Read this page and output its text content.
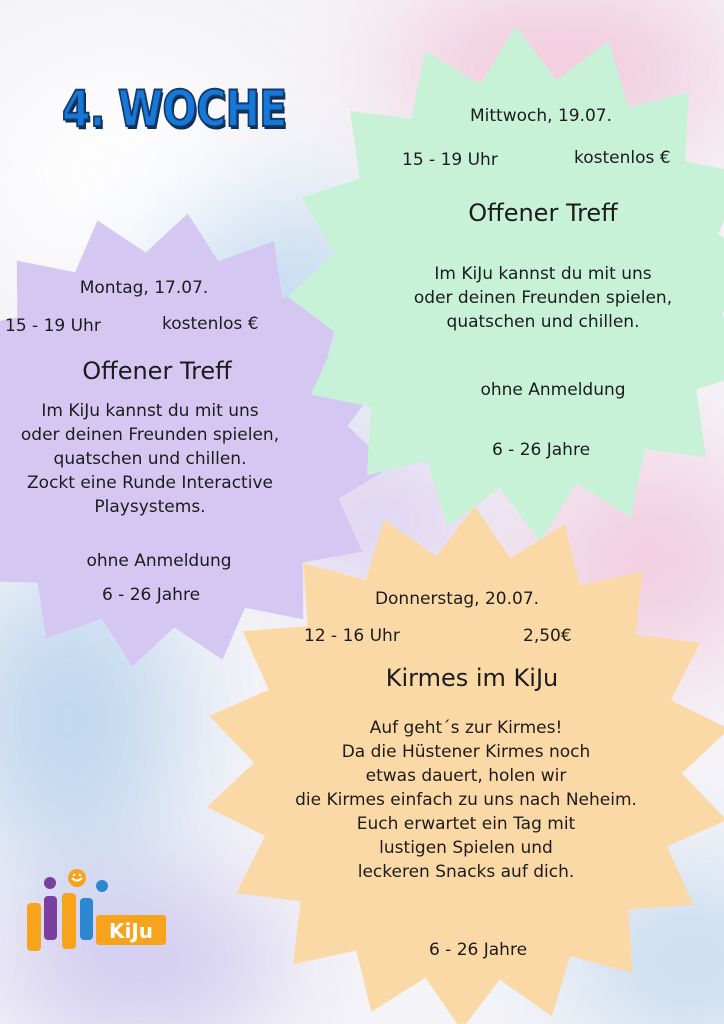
4. WOCHE
Montag, 17.07.
15 - 19 Uhr	kostenlos €
Offener Treff
Im KiJu kannst du mit uns
oder deinen Freunden spielen,
quatschen und chillen.
Zockt eine Runde Interactive
Playsystems.
ohne Anmeldung
6 - 26 Jahre
Mittwoch, 19.07.
15 - 19 Uhr	kostenlos €
Offener Treff
Im KiJu kannst du mit uns
oder deinen Freunden spielen,
quatschen und chillen.
ohne Anmeldung
6 - 26 Jahre
Donnerstag, 20.07.
12 - 16 Uhr	2,50€
Kirmes im KiJu
Auf geht´s zur Kirmes!
Da die Hüstener Kirmes noch
etwas dauert, holen wir
die Kirmes einfach zu uns nach Neheim.
Euch erwartet ein Tag mit
lustigen Spielen und
leckeren Snacks auf dich.
6 - 26 Jahre
KiJu
